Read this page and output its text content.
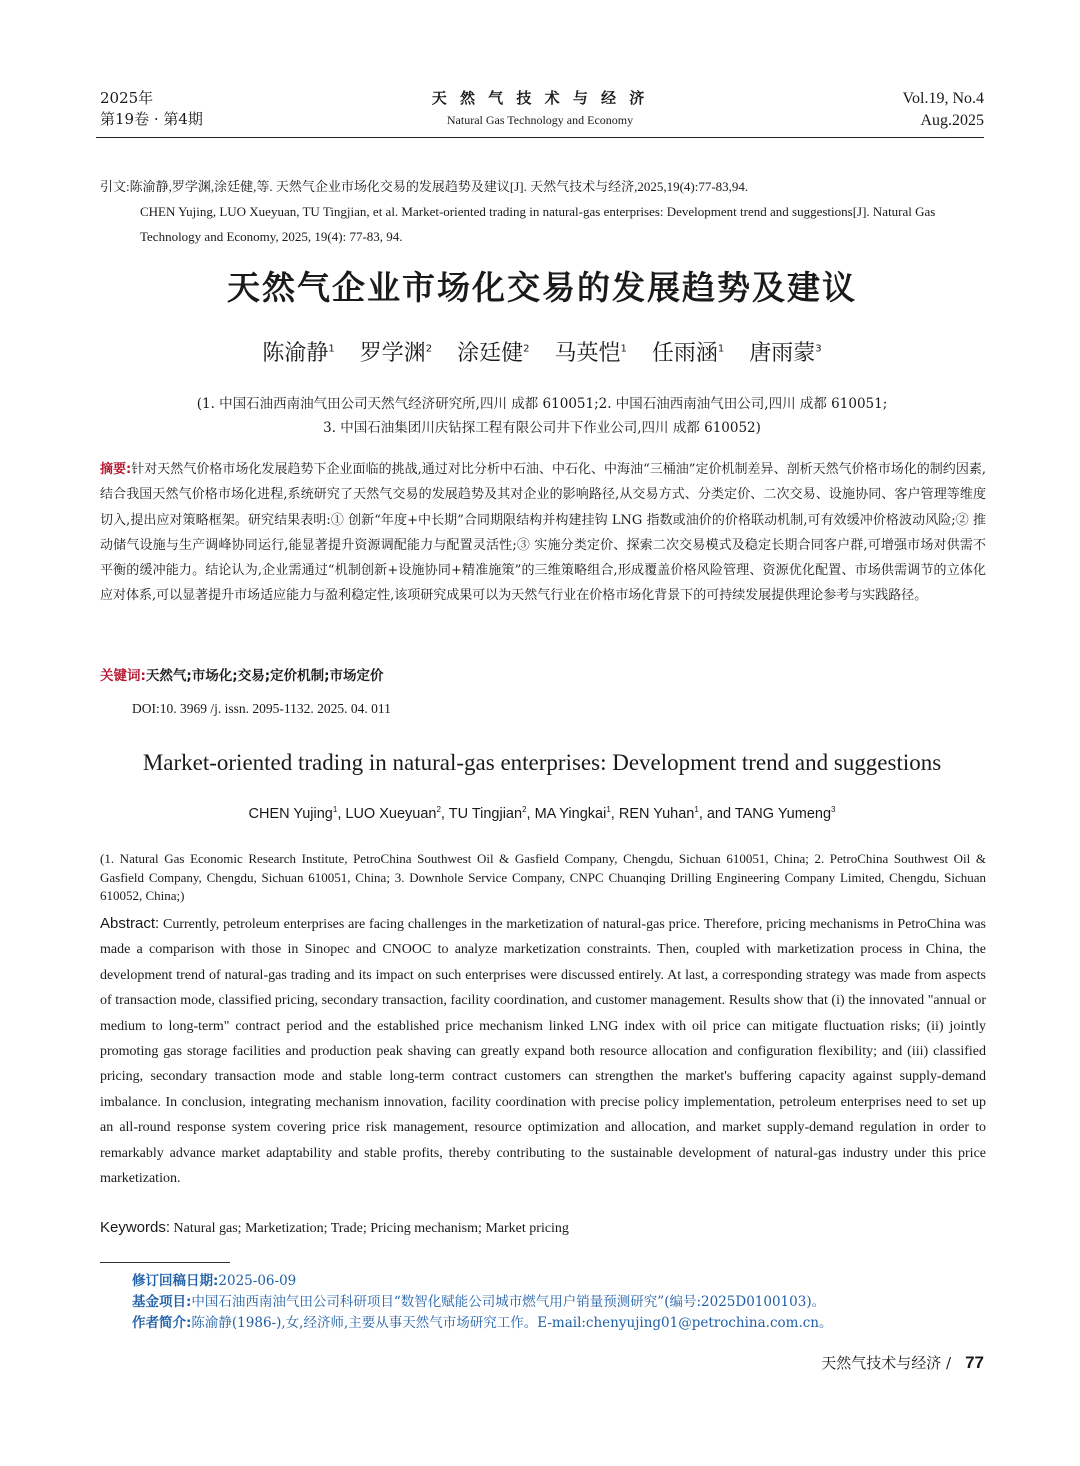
2025年
第19卷 · 第4期
天 然 气 技 术 与 经 济
Natural Gas Technology and Economy
Vol.19, No.4
Aug.2025
引文:陈渝静,罗学渊,涂廷健,等. 天然气企业市场化交易的发展趋势及建议[J]. 天然气技术与经济,2025,19(4):77-83,94.
CHEN Yujing, LUO Xueyuan, TU Tingjian, et al. Market-oriented trading in natural-gas enterprises: Development trend and suggestions[J]. Natural Gas Technology and Economy, 2025, 19(4): 77-83, 94.
天然气企业市场化交易的发展趋势及建议
陈渝静$^1$ 罗学渊$^2$ 涂廷健$^2$ 马英恺$^1$ 任雨涵$^1$ 唐雨蒙$^3$
(1. 中国石油西南油气田公司天然气经济研究所,四川 成都 610051;2. 中国石油西南油气田公司,四川 成都 610051;
3. 中国石油集团川庆钻探工程有限公司井下作业公司,四川 成都 610052)
摘要:针对天然气价格市场化发展趋势下企业面临的挑战,通过对比分析中石油、中石化、中海油“三桶油”定价机制差异、剖析天然气价格市场化的制约因素,结合我国天然气价格市场化进程,系统研究了天然气交易的发展趋势及其对企业的影响路径,从交易方式、分类定价、二次交易、设施协同、客户管理等维度切入,提出应对策略框架。研究结果表明:① 创新“年度+中长期”合同期限结构并构建挂钩 LNG 指数或油价的价格联动机制,可有效缓冲价格波动风险;② 推动储气设施与生产调峰协同运行,能显著提升资源调配能力与配置灵活性;③ 实施分类定价、探索二次交易模式及稳定长期合同客户群,可增强市场对供需不平衡的缓冲能力。结论认为,企业需通过“机制创新+设施协同+精准施策”的三维策略组合,形成覆盖价格风险管理、资源优化配置、市场供需调节的立体化应对体系,可以显著提升市场适应能力与盈利稳定性,该项研究成果可以为天然气行业在价格市场化背景下的可持续发展提供理论参考与实践路径。
关键词:天然气;市场化;交易;定价机制;市场定价
DOI:10. 3969 /j. issn. 2095-1132. 2025. 04. 011
Market-oriented trading in natural-gas enterprises: Development trend and suggestions
CHEN Yujing$^1$, LUO Xueyuan$^2$, TU Tingjian$^2$, MA Yingkai$^1$, REN Yuhan$^1$, and TANG Yumeng$^3$
(1. Natural Gas Economic Research Institute, PetroChina Southwest Oil & Gasfield Company, Chengdu, Sichuan 610051, China; 2. PetroChina Southwest Oil & Gasfield Company, Chengdu, Sichuan 610051, China; 3. Downhole Service Company, CNPC Chuanqing Drilling Engineering Company Limited, Chengdu, Sichuan 610052, China;)
Abstract: Currently, petroleum enterprises are facing challenges in the marketization of natural-gas price. Therefore, pricing mechanisms in PetroChina was made a comparison with those in Sinopec and CNOOC to analyze marketization constraints. Then, coupled with marketization process in China, the development trend of natural-gas trading and its impact on such enterprises were discussed entirely. At last, a corresponding strategy was made from aspects of transaction mode, classified pricing, secondary transaction, facility coordination, and customer management. Results show that (i) the innovated "annual or medium to long-term" contract period and the established price mechanism linked LNG index with oil price can mitigate fluctuation risks; (ii) jointly promoting gas storage facilities and production peak shaving can greatly expand both resource allocation and configuration flexibility; and (iii) classified pricing, secondary transaction mode and stable long-term contract customers can strengthen the market's buffering capacity against supply-demand imbalance. In conclusion, integrating mechanism innovation, facility coordination with precise policy implementation, petroleum enterprises need to set up an all-round response system covering price risk management, resource optimization and allocation, and market supply-demand regulation in order to remarkably advance market adaptability and stable profits, thereby contributing to the sustainable development of natural-gas industry under this price marketization.
Keywords: Natural gas; Marketization; Trade; Pricing mechanism; Market pricing
修订回稿日期:2025-06-09
基金项目:中国石油西南油气田公司科研项目“数智化赋能公司城市燃气用户销量预测研究”(编号:2025D0100103)。
作者简介:陈渝静(1986-),女,经济师,主要从事天然气市场研究工作。E-mail:chenyujing01@petrochina.com.cn。
天然气技术与经济 / 77
